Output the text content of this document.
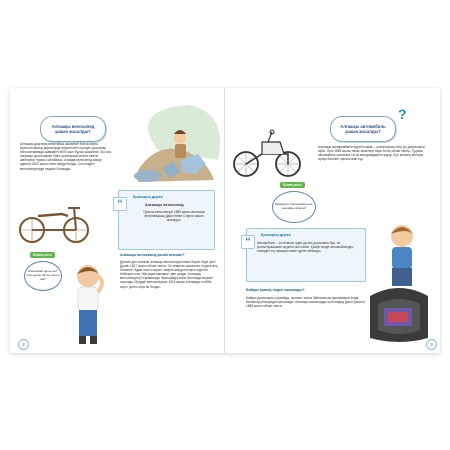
Алғашқы велосипед
қашан жасалды?
Алғашқы доңғалақ өнертабыс жасалған болса керек. Археологиялық деректерде көрсетілген ертедегі доңғалақ Месопотамияда шамамен 6000 жыл бұрын жасалған. Біз осы алғашқы доңғалақпен бірге қозғалысқа келген ежелгі шеберлер туралы ойлаймыз. Алайда велосипед жасау идеясы 1800 жылы ғана пайда болды. Сол кездегі велосипедтерде педаль болмады.
“
Қызықты дерек
Алғашқы велосипед
Тұңғыш велосипедті 1885 жылы ағылшын өнертапқышы Джон Кемп Старли жасап шығарды.
Алғашқы велосипед қалай аталған?
Дрезин деп аталған алғашқы велосипедті неміс барон Карл фон Драйс 1817 жылы ойлап тапты. Ол ағаштан жасалған, педалі жоқ болатын. Адам оған отырып, аяқпен жерден итеріп жүретін. Кейінірек оны «бегущая машина» деп атады. Алғашқы велосипедтер Германияда, Францияда және Англияда кеңінен таралды. Мұндай велосипедтер 1819 жылы Англияда «хобби-хорс» деген атқа ие болды.
Білгің кел!
Мекенжай деген не? Оны адам ойлап тапты ма?
2
Алғашқы автомобиль
қашан жасалды?
?
Алғашқы жанармаймен жүретін көлік – қозғалтқышы бар үш доңғалақты арба. Оны 1885 жылы неміс инженері Карл Бенц ойлап тапты. Тұңғыш автомобиль сағатына 16 км жылдамдықпен жүрді. Бұл көліктің моторы артқы бөлігіне орнатылған еді.
Білгің кел!
Байқауды (автокөлік) неге жасайды атаған?
“
Қызықты дерек
Автомобиль – екі немесе одан да көп доңғалағы бар, өз қозғалтқышымен жүретін жол көлігі. Қазіргі кезде автомобильдер әлемдегі ең танымал көлік түріне айналды.
Байқан (шина) неден жасалады?
Байқан доңғалақты қорғайды, жолмен тығыз байланысты қамтамасыз етеді. Шиналар резеңкеден жасалады. Алғашқы шиналарды шотландық Джон Данлоп 1888 жылы ойлап тапты.
3
